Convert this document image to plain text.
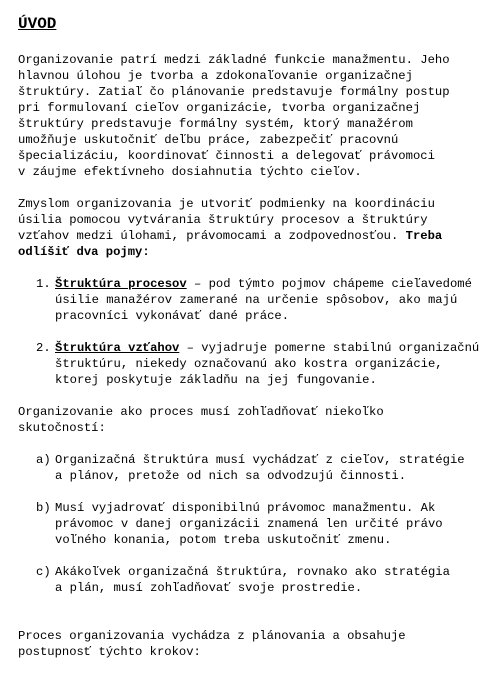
ÚVOD

Organizovanie patrí medzi základné funkcie manažmentu. Jeho
hlavnou úlohou je tvorba a zdokonaľovanie organizačnej
štruktúry. Zatiaľ čo plánovanie predstavuje formálny postup
pri formulovaní cieľov organizácie, tvorba organizačnej
štruktúry predstavuje formálny systém, ktorý manažérom
umožňuje uskutočniť deľbu práce, zabezpečiť pracovnú
špecializáciu, koordinovať činnosti a delegovať právomoci
v záujme efektívneho dosiahnutia týchto cieľov.

Zmyslom organizovania je utvoriť podmienky na koordináciu
úsilia pomocou vytvárania štruktúry procesov a štruktúry
vzťahov medzi úlohami, právomocami a zodpovednosťou. Treba
odlíšiť dva pojmy:

1. Štruktúra procesov – pod týmto pojmov chápeme cieľavedomé
úsilie manažérov zamerané na určenie spôsobov, ako majú
pracovníci vykonávať dané práce.
2. Štruktúra vzťahov – vyjadruje pomerne stabilnú organizačnú
štruktúru, niekedy označovanú ako kostra organizácie,
ktorej poskytuje základňu na jej fungovanie.

Organizovanie ako proces musí zohľadňovať niekoľko
skutočností:

a) Organizačná štruktúra musí vychádzať z cieľov, stratégie
a plánov, pretože od nich sa odvodzujú činnosti.
b) Musí vyjadrovať disponibilnú právomoc manažmentu. Ak
právomoc v danej organizácii znamená len určité právo
voľného konania, potom treba uskutočniť zmenu.
c) Akákoľvek organizačná štruktúra, rovnako ako stratégia
a plán, musí zohľadňovať svoje prostredie.

Proces organizovania vychádza z plánovania a obsahuje
postupnosť týchto krokov:
